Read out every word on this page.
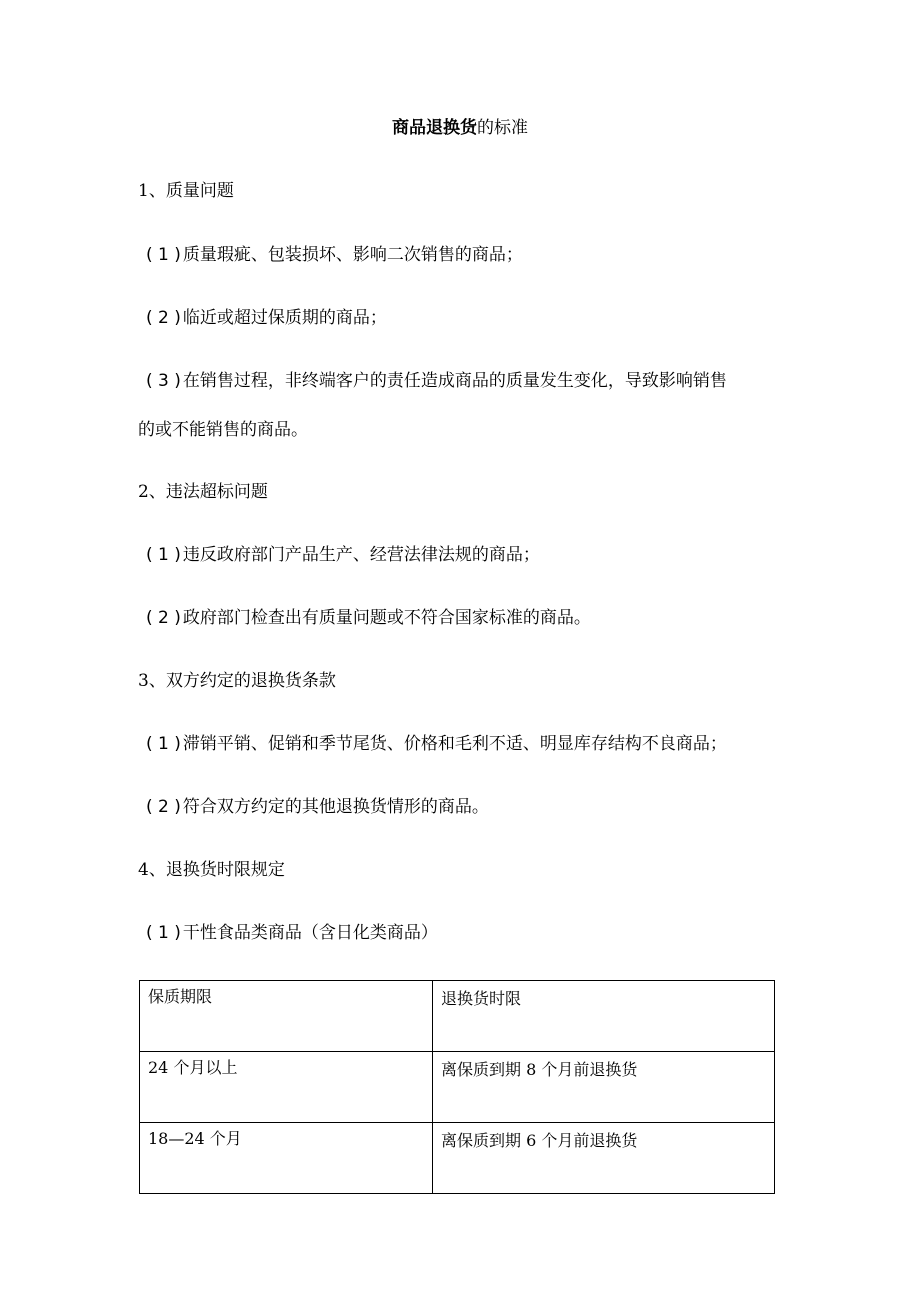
商品退换货的标准
1、质量问题
( 1 ) 质量瑕疵、包装损坏、影响二次销售的商品；
( 2 ) 临近或超过保质期的商品；
( 3 ) 在销售过程，非终端客户的责任造成商品的质量发生变化，导致影响销售
的或不能销售的商品。
2、违法超标问题
( 1 ) 违反政府部门产品生产、经营法律法规的商品；
( 2 ) 政府部门检查出有质量问题或不符合国家标准的商品。
3、双方约定的退换货条款
( 1 ) 滞销平销、促销和季节尾货、价格和毛利不适、明显库存结构不良商品；
( 2 ) 符合双方约定的其他退换货情形的商品。
4、退换货时限规定
( 1 ) 干性食品类商品（含日化类商品）
保质期限	退换货时限
24 个月以上	离保质到期 8 个月前退换货
18—24 个月	离保质到期 6 个月前退换货
